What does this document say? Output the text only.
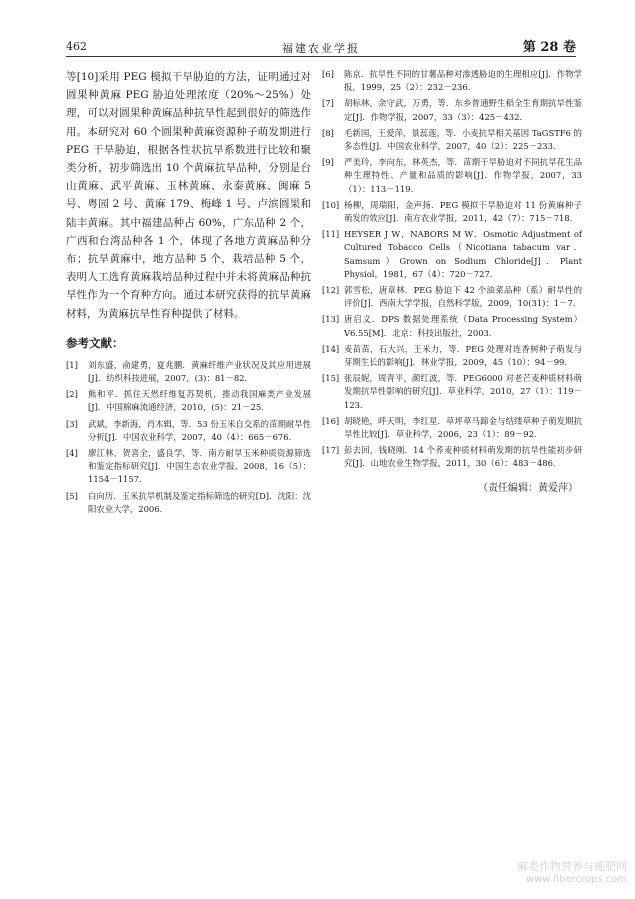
462	福建农业学报	第 28 卷

等[10]采用 PEG 模拟干旱胁迫的方法，证明通过对圆果种黄麻 PEG 胁迫处理浓度（20%～25%）处理，可以对圆果种黄麻品种抗旱性起到很好的筛选作用。本研究对 60 个圆果种黄麻资源种子萌发期进行 PEG 干旱胁迫，根据各性状抗旱系数进行比较和聚类分析，初步筛选出 10 个黄麻抗旱品种，分别是台山黄麻、武平黄麻、玉林黄麻、永泰黄麻、闽麻 5 号、粤园 2 号、黄麻 179、梅峰 1 号、卢滨圆果和陆丰黄麻。其中福建品种占 60%，广东品种 2 个，广西和台湾品种各 1 个，体现了各地方黄麻品种分布；抗旱黄麻中，地方品种 5 个，栽培品种 5 个，表明人工选育黄麻栽培品种过程中并未将黄麻品种抗旱性作为一个育种方向。通过本研究获得的抗旱黄麻材料，为黄麻抗旱性育种提供了材料。

参考文献：
[1]	刘东盛，俞建勇，夏兆鹏．黄麻纤维产业状况及其应用进展[J]．纺织科技进展，2007，(3)：81－82．
[2]	熊和平．抓住天然纤维复苏契机，推动我国麻类产业发展[J]．中国棉麻流通经济，2010，(5)：21－25．
[3]	武斌，李新海，肖木辑，等．53 份玉米自交系的苗期耐旱性分析[J]．中国农业科学，2007，40（4）：665－676．
[4]	廖江林，贺喜全，盛良学，等．南方耐旱玉米种质资源筛选和鉴定指标研究[J]．中国生态农业学报，2008，16（5）：1154－1157．
[5]	白向历．玉米抗旱机制及鉴定指标筛选的研究[D]．沈阳：沈阳农业大学，2006．
[6]	陈京．抗旱性不同的甘薯品种对渗透胁迫的生理相应[J]．作物学报，1999，25（2）：232－236．
[7]	胡标林，余守武，万勇，等．东乡普通野生稻全生育期抗旱性鉴定[J]．作物学报，2007，33（3）：425－432．
[8]	毛新国，王爱萍，景蕊莲，等．小麦抗旱相关基因 TaGSTF6 的多态性[J]．中国农业科学，2007，40（2）：225－233．
[9]	严美玲，李向东，林英杰，等．苗期干旱胁迫对不同抗旱花生品种生理特性、产量和品质的影响[J]．作物学报，2007，33（1）：113－119．
[10] 杨柳，周瑞阳，金声扬．PEG 模拟干旱胁迫对 11 份黄麻种子萌发的效应[J]．南方农业学报，2011，42（7）：715－718．
[11] HEYSER J W，NABORS M W．Osmotic Adjustment of Cultured Tobacco Cells（Nicotiana tabacum var．Samsum）Grown on Sodium Chloride[J]．Plant Physiol，1981，67（4）：720－727．
[12] 郭雪松，唐章林．PEG 胁迫下 42 个油菜品种（系）耐旱性的评价[J]．西南大学学报，自然科学版，2009，10(31)：1－7．
[13] 唐启义．DPS 数据处理系统（Data Processing System）V6.55[M]．北京：科技出版社，2003．
[14] 麦苗苗，石大兴，王米力，等．PEG 处理对连香树种子萌发与芽期生长的影响[J]．林业学报，2009，45（10）：94－99．
[15] 张辰妮，周青平，颜红波，等．PEG6000 对老芒麦种质材料萌发期抗旱性影响的研究[J]．草业科学，2010，27（1）：119－123．
[16] 胡晓艳，呼天明，李红星．草坪草马蹄金与结缕草种子萌发期抗旱性比较[J]．草业科学，2006，23（1）：89－92．
[17] 彭去回，钱晓刚．14 个荞麦种质材料萌发期的抗旱性能初步研究[J]．山地农业生物学报，2011，30（6）：483－486．
（责任编辑：黄爱萍）
麻类作物营养与施肥网
www.fibercrops.com
